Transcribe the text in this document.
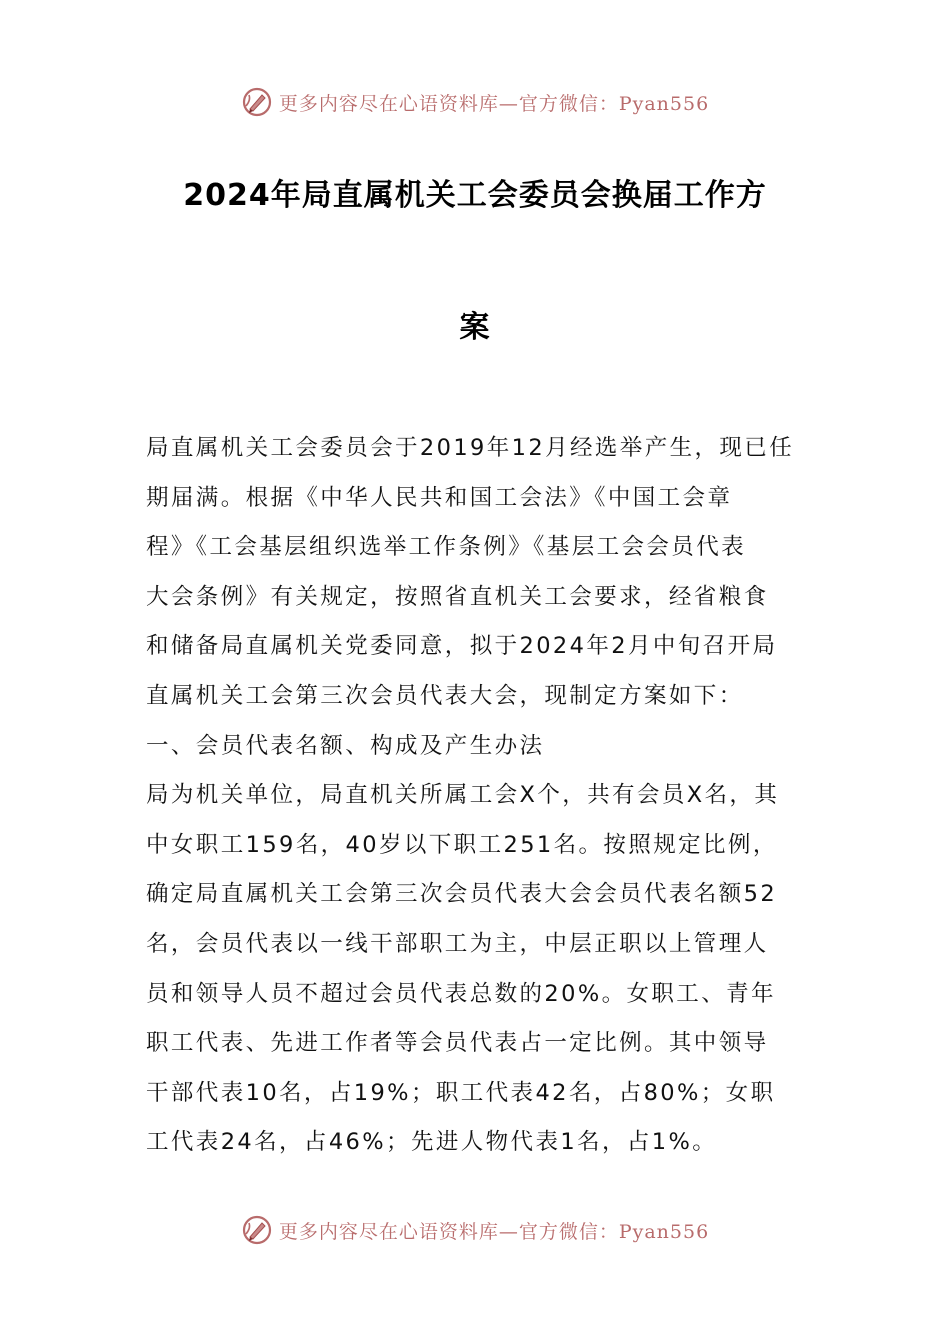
更多内容尽在心语资料库—官方微信：Pyan556
2024年局直属机关工会委员会换届工作方
案
局直属机关工会委员会于2019年12月经选举产生，现已任
期届满。根据《中华人民共和国工会法》《中国工会章
程》《工会基层组织选举工作条例》《基层工会会员代表
大会条例》有关规定，按照省直机关工会要求，经省粮食
和储备局直属机关党委同意，拟于2024年2月中旬召开局
直属机关工会第三次会员代表大会，现制定方案如下：
一、会员代表名额、构成及产生办法
局为机关单位，局直机关所属工会X个，共有会员X名，其
中女职工159名，40岁以下职工251名。按照规定比例，
确定局直属机关工会第三次会员代表大会会员代表名额52
名，会员代表以一线干部职工为主，中层正职以上管理人
员和领导人员不超过会员代表总数的20%。女职工、青年
职工代表、先进工作者等会员代表占一定比例。其中领导
干部代表10名，占19%；职工代表42名，占80%；女职
工代表24名，占46%；先进人物代表1名，占1%。
更多内容尽在心语资料库—官方微信：Pyan556
